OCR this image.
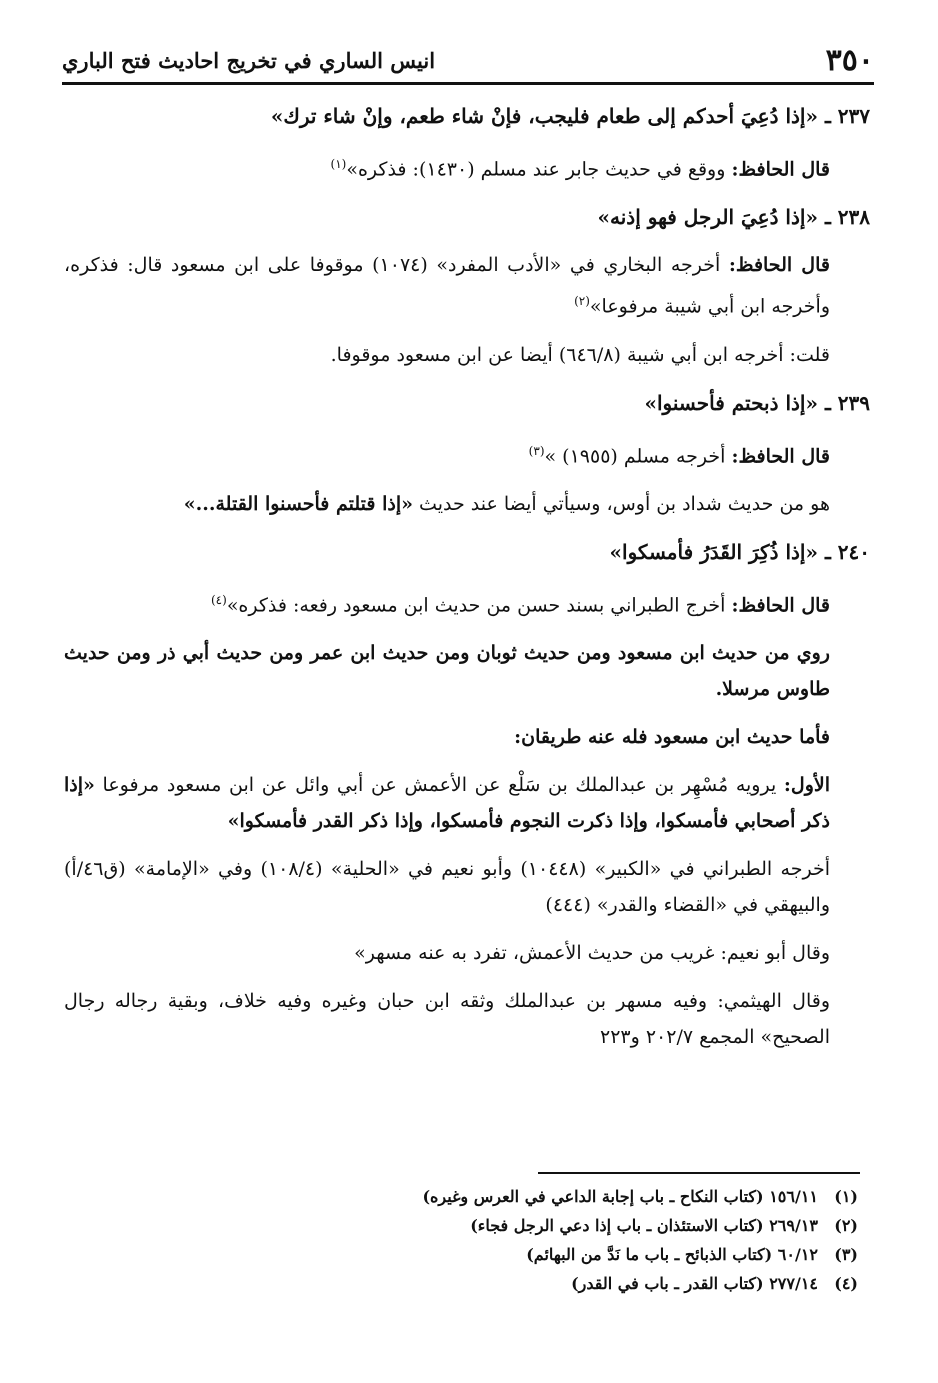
٣٥٠
انيس الساري في تخريج احاديث فتح الباري

٢٣٧ ـ «إذا دُعِيَ أحدكم إلى طعام فليجب، فإنْ شاء طعم، وإنْ شاء ترك»

قال الحافظ: ووقع في حديث جابر عند مسلم (١٤٣٠): فذكره»$^{(١)}$

٢٣٨ ـ «إذا دُعِيَ الرجل فهو إذنه»

قال الحافظ: أخرجه البخاري في «الأدب المفرد» (١٠٧٤) موقوفا على ابن مسعود قال: فذكره، وأخرجه ابن أبي شيبة مرفوعا»$^{(٢)}$

قلت: أخرجه ابن أبي شيبة (٦٤٦/٨) أيضا عن ابن مسعود موقوفا.

٢٣٩ ـ «إذا ذبحتم فأحسنوا»

قال الحافظ: أخرجه مسلم (١٩٥٥) »$^{(٣)}$

هو من حديث شداد بن أوس، وسيأتي أيضا عند حديث «إذا قتلتم فأحسنوا القتلة...»

٢٤٠ ـ «إذا ذُكِرَ القَدَرُ فأمسكوا»

قال الحافظ: أخرج الطبراني بسند حسن من حديث ابن مسعود رفعه: فذكره»$^{(٤)}$

روي من حديث ابن مسعود ومن حديث ثوبان ومن حديث ابن عمر ومن حديث أبي ذر ومن حديث طاوس مرسلا.

فأما حديث ابن مسعود فله عنه طريقان:

الأول: يرويه مُسْهِر بن عبدالملك بن سَلْع عن الأعمش عن أبي وائل عن ابن مسعود مرفوعا «إذا ذكر أصحابي فأمسكوا، وإذا ذكرت النجوم فأمسكوا، وإذا ذكر القدر فأمسكوا»

أخرجه الطبراني في «الكبير» (١٠٤٤٨) وأبو نعيم في «الحلية» (١٠٨/٤) وفي «الإمامة» (ق٤٦/أ) والبيهقي في «القضاء والقدر» (٤٤٤)

وقال أبو نعيم: غريب من حديث الأعمش، تفرد به عنه مسهر»

وقال الهيثمي: وفيه مسهر بن عبدالملك وثقه ابن حبان وغيره وفيه خلاف، وبقية رجاله رجال الصحيح» المجمع ٢٠٢/٧ و٢٢٣

(١)
١٥٦/١١ (كتاب النكاح ـ باب إجابة الداعي في العرس وغيره)
(٢)
٢٦٩/١٣ (كتاب الاستئذان ـ باب إذا دعي الرجل فجاء)
(٣)
٦٠/١٢ (كتاب الذبائح ـ باب ما نَدَّ من البهائم)
(٤)
٢٧٧/١٤ (كتاب القدر ـ باب في القدر)
